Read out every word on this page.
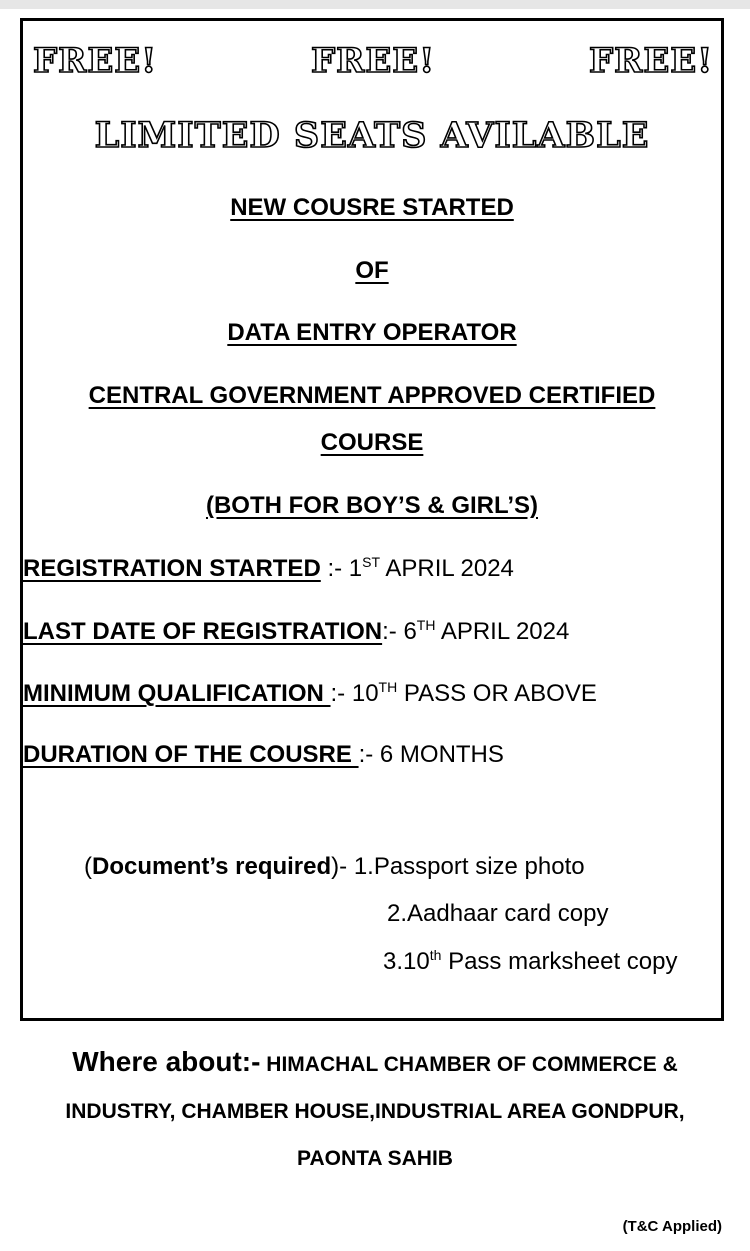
FREE!	FREE!	FREE!
LIMITED SEATS AVILABLE
NEW COUSRE STARTED
OF
DATA ENTRY OPERATOR
CENTRAL GOVERNMENT APPROVED CERTIFIED
COURSE
(BOTH FOR BOY’S & GIRL’S)
REGISTRATION STARTED :- 1ST APRIL 2024
LAST DATE OF REGISTRATION:- 6TH APRIL 2024
MINIMUM QUALIFICATION :- 10TH PASS OR ABOVE
DURATION OF THE COUSRE :- 6 MONTHS
(Document’s required)- 1.Passport size photo
2.Aadhaar card copy
3.10th Pass marksheet copy
Where about:- HIMACHAL CHAMBER OF COMMERCE &
INDUSTRY, CHAMBER HOUSE,INDUSTRIAL AREA GONDPUR,
PAONTA SAHIB
(T&C Applied)
